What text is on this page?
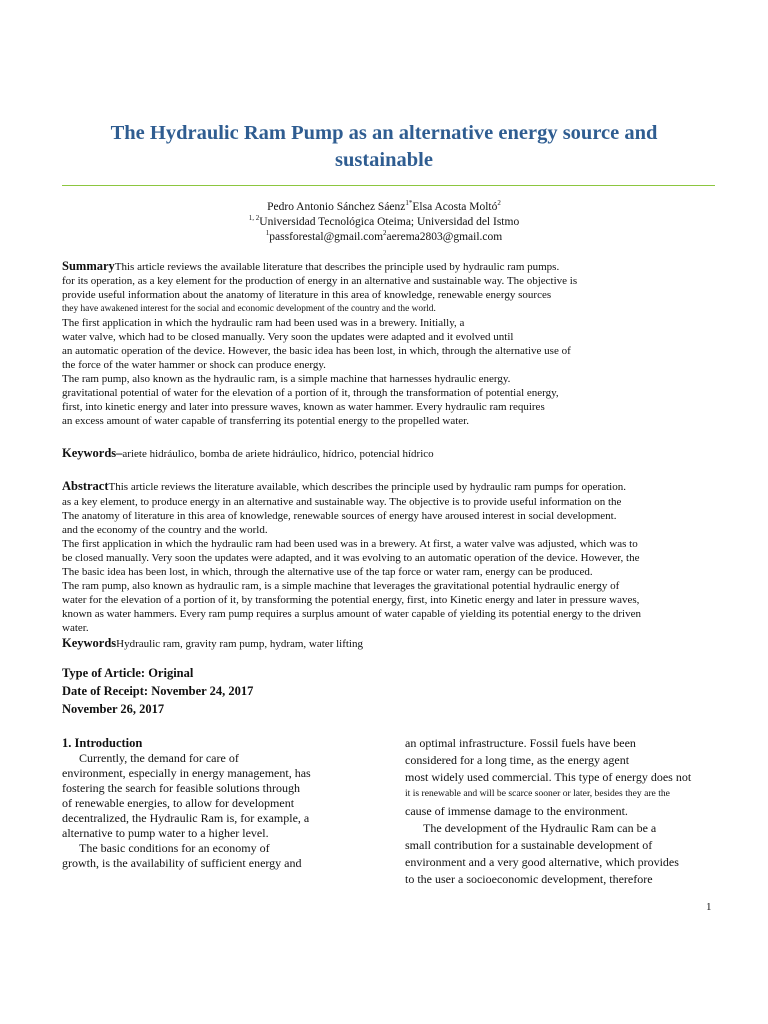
The Hydraulic Ram Pump as an alternative energy source and
sustainable
Pedro Antonio Sánchez Sáenz$^{1*}$Elsa Acosta Moltó$^2$
$^{1, 2}$Universidad Tecnológica Oteima; Universidad del Istmo
$^1$passforestal@gmail.com$^2$aerema2803@gmail.com
SummaryThis article reviews the available literature that describes the principle used by hydraulic ram pumps.
for its operation, as a key element for the production of energy in an alternative and sustainable way. The objective is
provide useful information about the anatomy of literature in this area of knowledge, renewable energy sources
they have awakened interest for the social and economic development of the country and the world.
The first application in which the hydraulic ram had been used was in a brewery. Initially, a
water valve, which had to be closed manually. Very soon the updates were adapted and it evolved until
an automatic operation of the device. However, the basic idea has been lost, in which, through the alternative use of
the force of the water hammer or shock can produce energy.
The ram pump, also known as the hydraulic ram, is a simple machine that harnesses hydraulic energy.
gravitational potential of water for the elevation of a portion of it, through the transformation of potential energy,
first, into kinetic energy and later into pressure waves, known as water hammer. Every hydraulic ram requires
an excess amount of water capable of transferring its potential energy to the propelled water.
Keywords–ariete hidráulico, bomba de ariete hidráulico, hídrico, potencial hídrico
AbstractThis article reviews the literature available, which describes the principle used by hydraulic ram pumps for operation.
as a key element, to produce energy in an alternative and sustainable way. The objective is to provide useful information on the
The anatomy of literature in this area of knowledge, renewable sources of energy have aroused interest in social development.
and the economy of the country and the world.
The first application in which the hydraulic ram had been used was in a brewery. At first, a water valve was adjusted, which was to
be closed manually. Very soon the updates were adapted, and it was evolving to an automatic operation of the device. However, the
The basic idea has been lost, in which, through the alternative use of the tap force or water ram, energy can be produced.
The ram pump, also known as hydraulic ram, is a simple machine that leverages the gravitational potential hydraulic energy of
water for the elevation of a portion of it, by transforming the potential energy, first, into Kinetic energy and later in pressure waves,
known as water hammers. Every ram pump requires a surplus amount of water capable of yielding its potential energy to the driven
water.
KeywordsHydraulic ram, gravity ram pump, hydram, water lifting
Type of Article: Original
Date of Receipt: November 24, 2017
November 26, 2017
1. Introduction
Currently, the demand for care of
environment, especially in energy management, has
fostering the search for feasible solutions through
of renewable energies, to allow for development
decentralized, the Hydraulic Ram is, for example, a
alternative to pump water to a higher level.
The basic conditions for an economy of
growth, is the availability of sufficient energy and
an optimal infrastructure. Fossil fuels have been
considered for a long time, as the energy agent
most widely used commercial. This type of energy does not
it is renewable and will be scarce sooner or later, besides they are the
cause of immense damage to the environment.
The development of the Hydraulic Ram can be a
small contribution for a sustainable development of
environment and a very good alternative, which provides
to the user a socioeconomic development, therefore
1
